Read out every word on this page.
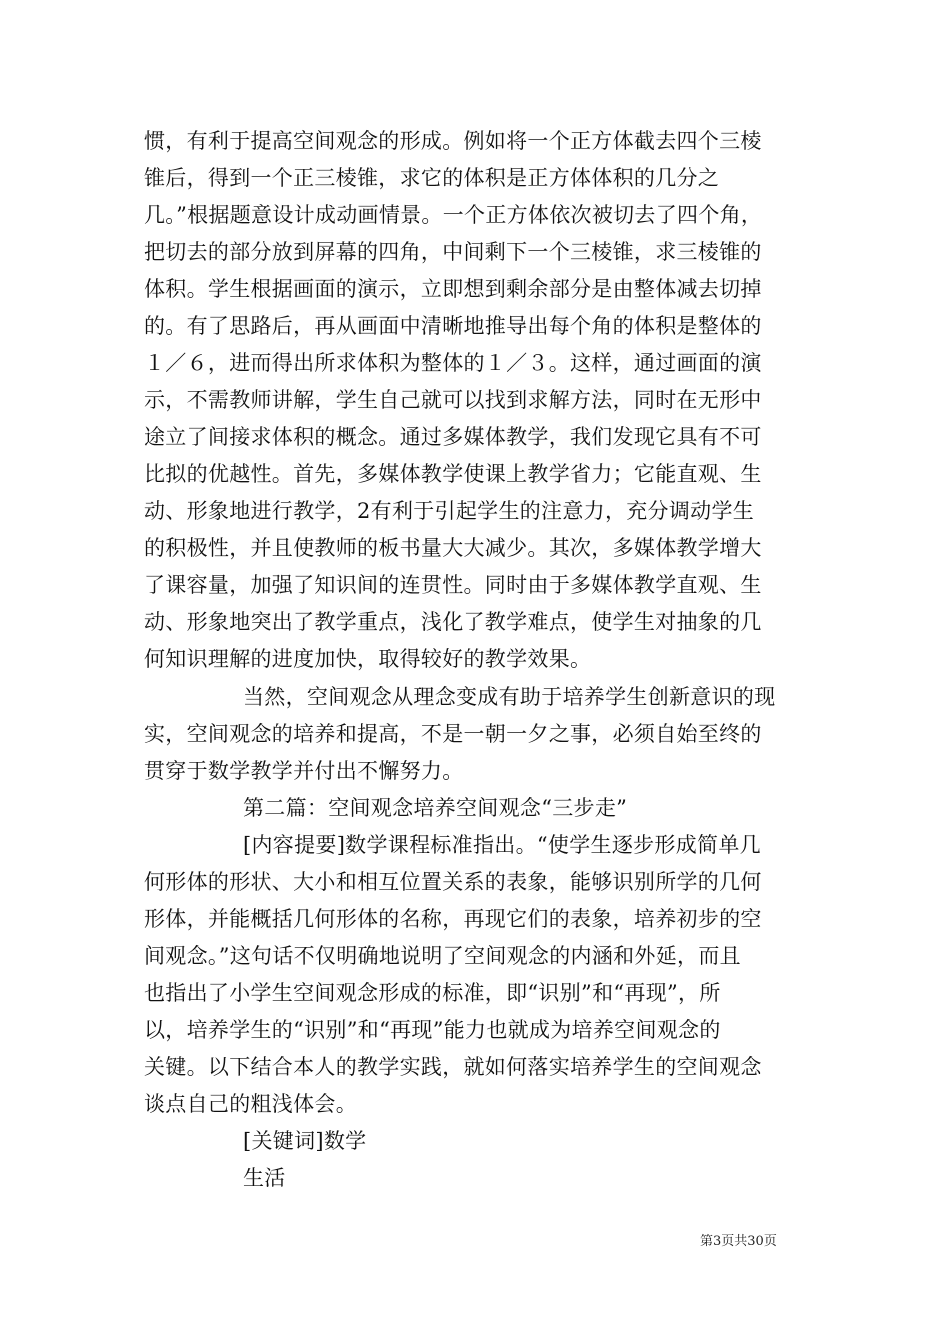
惯，有利于提高空间观念的形成。例如将一个正方体截去四个三棱
锥后，得到一个正三棱锥，求它的体积是正方体体积的几分之
几。”根据题意设计成动画情景。一个正方体依次被切去了四个角，
把切去的部分放到屏幕的四角，中间剩下一个三棱锥，求三棱锥的
体积。学生根据画面的演示，立即想到剩余部分是由整体减去切掉
的。有了思路后，再从画面中清晰地推导出每个角的体积是整体的
１／６，进而得出所求体积为整体的１／３。这样，通过画面的演
示，不需教师讲解，学生自己就可以找到求解方法，同时在无形中
途立了间接求体积的概念。通过多媒体教学，我们发现它具有不可
比拟的优越性。首先，多媒体教学使课上教学省力；它能直观、生
动、形象地进行教学，2有利于引起学生的注意力，充分调动学生
的积极性，并且使教师的板书量大大减少。其次，多媒体教学增大
了课容量，加强了知识间的连贯性。同时由于多媒体教学直观、生
动、形象地突出了教学重点，浅化了教学难点，使学生对抽象的几
何知识理解的进度加快，取得较好的教学效果。
当然，空间观念从理念变成有助于培养学生创新意识的现
实，空间观念的培养和提高，不是一朝一夕之事，必须自始至终的
贯穿于数学教学并付出不懈努力。
第二篇：空间观念培养空间观念“三步走”
[内容提要]数学课程标准指出。“使学生逐步形成简单几
何形体的形状、大小和相互位置关系的表象，能够识别所学的几何
形体，并能概括几何形体的名称，再现它们的表象，培养初步的空
间观念。”这句话不仅明确地说明了空间观念的内涵和外延，而且
也指出了小学生空间观念形成的标准，即“识别”和“再现”，所
以，培养学生的“识别”和“再现”能力也就成为培养空间观念的
关键。以下结合本人的教学实践，就如何落实培养学生的空间观念
谈点自己的粗浅体会。
[关键词]数学
生活
第3页共30页
